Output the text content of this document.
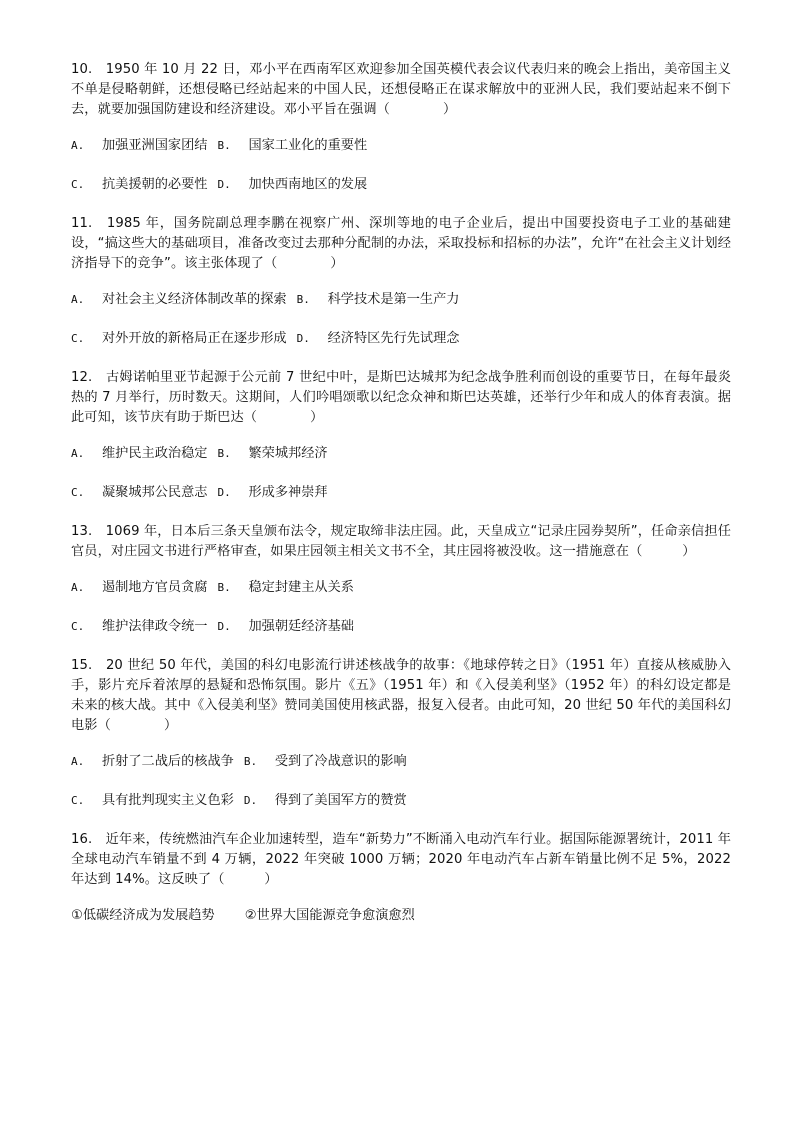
10.　1950 年 10 月 22 日，邓小平在西南军区欢迎参加全国英模代表会议代表归来的晚会上指出，美帝国主义不单是侵略朝鲜，还想侵略已经站起来的中国人民，还想侵略正在谋求解放中的亚洲人民，我们要站起来不倒下去，就要加强国防建设和经济建设。邓小平旨在强调（　　　　）

A. 加强亚洲国家团结 B. 国家工业化的重要性
C. 抗美援朝的必要性 D. 加快西南地区的发展

11.　1985 年，国务院副总理李鹏在视察广州、深圳等地的电子企业后，提出中国要投资电子工业的基础建设，“搞这些大的基础项目，准备改变过去那种分配制的办法，采取投标和招标的办法”，允许“在社会主义计划经济指导下的竞争”。该主张体现了（　　　　）

A. 对社会主义经济体制改革的探索 B. 科学技术是第一生产力
C. 对外开放的新格局正在逐步形成 D. 经济特区先行先试理念

12.　古姆诺帕里亚节起源于公元前 7 世纪中叶，是斯巴达城邦为纪念战争胜利而创设的重要节日，在每年最炎热的 7 月举行，历时数天。这期间，人们吟唱颂歌以纪念众神和斯巴达英雄，还举行少年和成人的体育表演。据此可知，该节庆有助于斯巴达（　　　　）

A. 维护民主政治稳定 B. 繁荣城邦经济
C. 凝聚城邦公民意志 D. 形成多神崇拜

13.　1069 年，日本后三条天皇颁布法令，规定取缔非法庄园。此，天皇成立“记录庄园券契所”，任命亲信担任官员，对庄园文书进行严格审查，如果庄园领主相关文书不全，其庄园将被没收。这一措施意在（　　　）

A. 遏制地方官员贪腐 B. 稳定封建主从关系
C. 维护法律政令统一 D. 加强朝廷经济基础

15.　20 世纪 50 年代，美国的科幻电影流行讲述核战争的故事：《地球停转之日》（1951 年）直接从核威胁入手，影片充斥着浓厚的悬疑和恐怖氛围。影片《五》（1951 年）和《入侵美利坚》（1952 年）的科幻设定都是未来的核大战。其中《入侵美利坚》赞同美国使用核武器，报复入侵者。由此可知，20 世纪 50 年代的美国科幻电影（　　　　）

A. 折射了二战后的核战争 B. 受到了冷战意识的影响
C. 具有批判现实主义色彩 D. 得到了美国军方的赞赏

16.　近年来，传统燃油汽车企业加速转型，造车“新势力”不断涌入电动汽车行业。据国际能源署统计，2011 年全球电动汽车销量不到 4 万辆，2022 年突破 1000 万辆；2020 年电动汽车占新车销量比例不足 5%，2022 年达到 14%。这反映了（　　　）

①低碳经济成为发展趋势 ②世界大国能源竞争愈演愈烈
